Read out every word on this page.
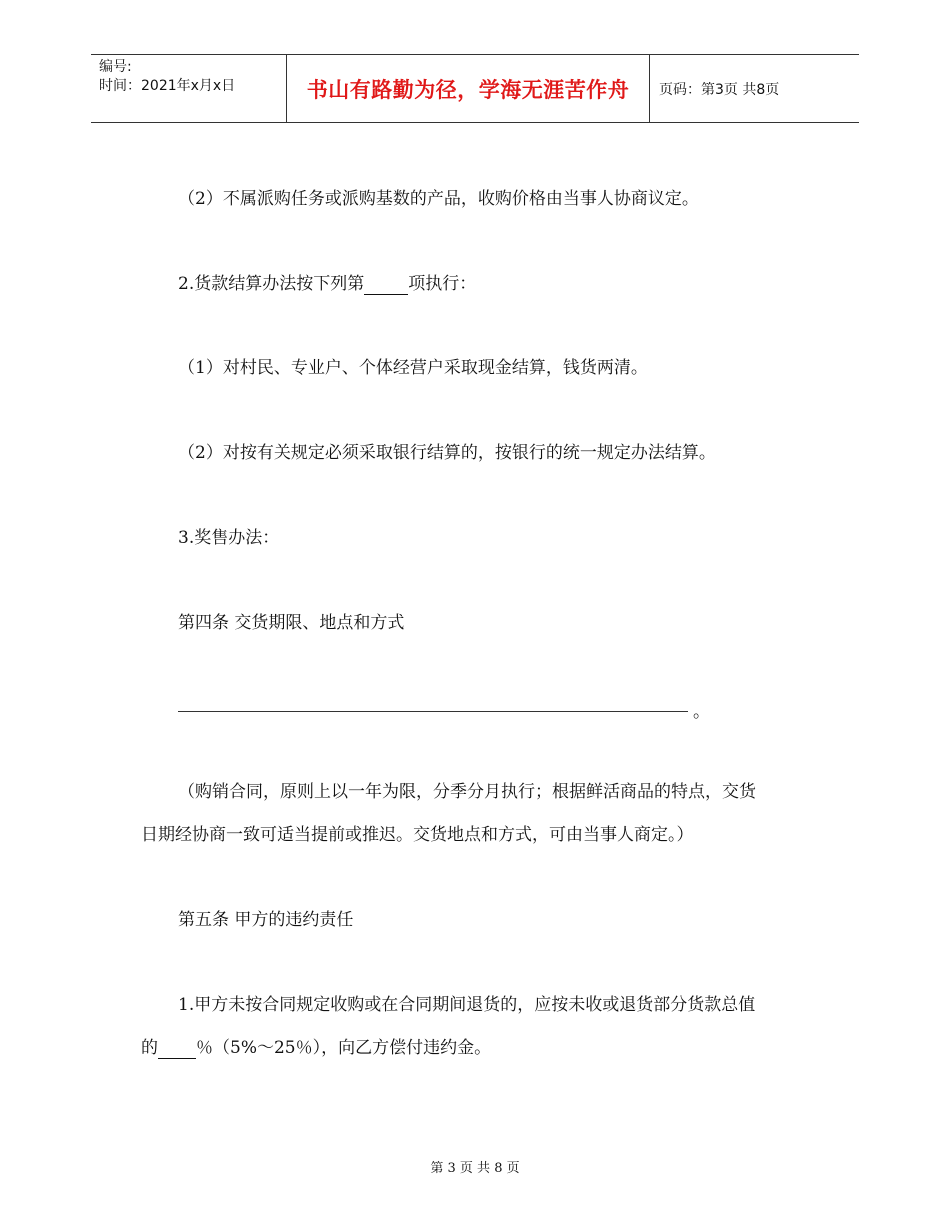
编号:
时间：2021年x月x日	书山有路勤为径，学海无涯苦作舟	页码：第3页 共8页
（2）不属派购任务或派购基数的产品，收购价格由当事人协商议定。
2.货款结算办法按下列第	项执行：
（1）对村民、专业户、个体经营户采取现金结算，钱货两清。
（2）对按有关规定必须采取银行结算的，按银行的统一规定办法结算。
3.奖售办法：
第四条 交货期限、地点和方式
。
（购销合同，原则上以一年为限，分季分月执行；根据鲜活商品的特点，交货
日期经协商一致可适当提前或推迟。交货地点和方式，可由当事人商定。）
第五条 甲方的违约责任
1.甲方未按合同规定收购或在合同期间退货的，应按未收或退货部分货款总值
的 ％（5%～25％），向乙方偿付违约金。
第 3 页 共 8 页
